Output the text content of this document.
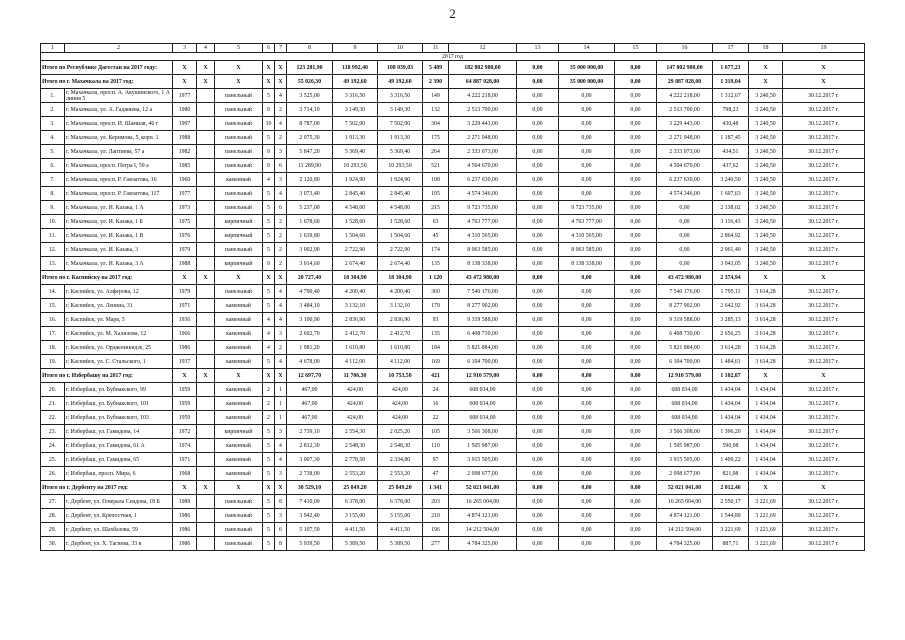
2
1	2	3	4	5	6	7	8	9	10	11	12	13	14	15	16	17	18	19
2017 год																		
Итого по Республике Дагестан на 2017 году:		X	X	X	X	X	123 281,90	118 992,40	108 039,03	5 489	182 802 980,00	0,00	35 000 000,00	0,00	147 802 980,00	1 677,21	X	X
Итого по г. Махачкала на 2017 год:		X	X	X	X	X	55 026,30	49 192,60	49 192,60	2 390	64 887 028,00	0,00	35 000 000,00	0,00	29 887 028,00	1 319,04	X	X
1.	г. Махачкала, просп. А. Акушинского, 1 А линия 5	1977		панельный	5	4	3 525,00	3 316,50	3 316,50	149	4 222 218,00	0,00	0,00	0,00	4 222 218,00	1 312,67	3 240,50	30.12.2017 г.
2.	г. Махачкала, ул. А. Гаджиева, 12 а	1980		панельный	9	2	3 714,10	3 149,30	3 149,30	132	2 513 700,00	0,00	0,00	0,00	2 513 700,00	798,23	3 240,50	30.12.2017 г.
3.	г. Махачкала, просп. И. Шамиля, 46 г	1997		панельный	10	4	8 787,00	7 502,00	7 502,00	304	3 229 443,00	0,00	0,00	0,00	3 229 443,00	430,48	3 240,50	30.12.2017 г.
4.	г. Махачкала, ул. Керимова, 5, корп. 1	1988		панельный	5	2	2 075,30	1 913,30	1 913,30	175	2 271 948,00	0,00	0,00	0,00	2 271 948,00	1 187,45	3 240,50	30.12.2017 г.
5.	г. Махачкала, ул. Лаптиева, 57 а	1982		панельный	9	3	5 847,20	5 369,40	5 369,40	264	2 333 073,00	0,00	0,00	0,00	2 333 073,00	434,51	3 240,50	30.12.2017 г.
6.	г. Махачкала, просп. Петра I, 59 а	1985		панельный	9	6	11 289,90	10 293,50	10 293,50	521	4 504 670,00	0,00	0,00	0,00	4 504 670,00	437,62	3 240,50	30.12.2017 г.
7.	г. Махачкала, просп. Р. Гамзатова, 16	1960		каменный	4	3	2 120,80	1 924,90	1 924,90	108	6 237 630,00	0,00	0,00	0,00	6 237 630,00	3 240,50	3 240,50	30.12.2017 г.
8.	г. Махачкала, просп. Р. Гамзатова, 117	1977		панельный	5	4	3 073,40	2 845,40	2 845,40	105	4 574 346,00	0,00	0,00	0,00	4 574 346,00	1 607,63	3 240,50	30.12.2017 г.
9.	г. Махачкала, ул. И. Казака, 1 А	1973		панельный	5	6	5 237,00	4 548,00	4 548,00	215	9 723 735,00	0,00	9 723 735,00	0,00	0,00	2 138,02	3 240,50	30.12.2017 г.
10.	г. Махачкала, ул. И. Казака, 1 Б	1975		кирпичный	5	2	1 678,60	1 528,60	1 528,60	63	4 763 777,00	0,00	4 763 777,00	0,00	0,00	3 116,43	3 240,50	30.12.2017 г.
11.	г. Махачкала, ул. И. Казака, 1 В	1976		кирпичный	5	2	1 639,80	1 504,60	1 504,60	45	4 310 565,00	0,00	4 310 565,00	0,00	0,00	2 864,92	3 240,50	30.12.2017 г.
12.	г. Махачкала, ул. И. Казака, 3	1979		панельный	5	2	3 002,90	2 722,90	2 722,90	174	8 063 585,00	0,00	8 063 585,00	0,00	0,00	2 961,40	3 240,50	30.12.2017 г.
13.	г. Махачкала, ул. И. Казака, 3 А	1988		кирпичный	9	2	3 014,60	2 674,40	2 674,40	135	8 138 338,00	0,00	8 138 338,00	0,00	0,00	3 043,05	3 240,50	30.12.2017 г.
Итого по г. Каспийску на 2017 год:		X	X	X	X	X	20 727,40	18 304,90	18 304,90	1 120	43 472 980,00	0,00	0,00	0,00	43 472 980,00	2 374,94	X	X
14.	г. Каспийск, ул. Алферова, 12	1979		панельный	5	4	4 790,40	4 200,40	4 200,40	360	7 540 176,00	0,00	0,00	0,00	7 540 176,00	1 795,11	3 614,28	30.12.2017 г.
15.	г. Каспийск, ул. Ленина, 31	1971		каменный	5	4	3 484,10	3 132,10	3 132,10	179	8 277 902,00	0,00	0,00	0,00	8 277 902,00	2 642,92	3 614,28	30.12.2017 г.
16.	г. Каспийск, ул. Маря, 5	1936		каменный	4	4	3 100,90	2 836,90	2 836,90	93	9 319 588,00	0,00	0,00	0,00	9 319 588,00	3 285,13	3 614,28	30.12.2017 г.
17.	г. Каспийск, ул. М. Халилова, 12	1966		каменный	4	3	2 692,70	2 412,70	2 412,70	135	6 408 730,00	0,00	0,00	0,00	6 408 730,00	2 656,25	3 614,28	30.12.2017 г.
18.	г. Каспийск, ул. Орджоникидзе, 25	1986		каменный	4	2	1 981,20	1 610,80	1 610,80	184	5 821 884,00	0,00	0,00	0,00	5 821 884,00	3 614,28	3 614,28	30.12.2017 г.
19.	г. Каспийск, ул. С. Стальского, 1	1937		каменный	5	4	4 678,00	4 112,00	4 112,00	169	6 104 700,00	0,00	0,00	0,00	6 104 700,00	1 484,61	3 614,28	30.12.2017 г.
Итого по г. Избербашу на 2017 год:		X	X	X	X	X	12 697,70	11 706,30	10 753,50	421	12 910 579,00	0,00	0,00	0,00	12 910 579,00	1 102,87	X	X
20.	г. Избербаш, ул. Бубнакского, 99	1959		каменный	2	1	467,00	424,00	424,00	24	608 034,00	0,00	0,00	0,00	608 034,00	1 434,04	1 434,04	30.12.2017 г.
21.	г. Избербаш, ул. Бубнакского, 101	1959		каменный	2	1	467,00	424,00	424,00	16	608 034,00	0,00	0,00	0,00	608 034,00	1 434,04	1 434,04	30.12.2017 г.
22.	г. Избербаш, ул. Бубнакского, 103	1959		каменный	2	1	467,00	424,00	424,00	22	608 034,00	0,00	0,00	0,00	608 034,00	1 434,04	1 434,04	30.12.2017 г.
23.	г. Избербаш, ул. Гамидова, 14	1972		кирпичный	5	3	2 739,10	2 554,30	2 025,20	105	3 566 308,00	0,00	0,00	0,00	3 566 308,00	1 396,20	1 434,04	30.12.2017 г.
24.	г. Избербаш, ул. Гамидова, 61 А	1974		каменный	5	4	2 812,30	2 548,30	2 548,30	110	1 505 987,00	0,00	0,00	0,00	1 505 987,00	590,98	1 434,04	30.12.2017 г.
25.	г. Избербаш, ул. Гамидова, 65	1971		каменный	5	4	3 007,30	2 778,50	2 334,80	97	3 915 505,00	0,00	0,00	0,00	3 915 505,00	1 409,22	1 434,04	30.12.2017 г.
26.	г. Избербаш, просп. Мира, 6	1968		каменный	5	3	2 738,00	2 553,20	2 553,20	47	2 098 677,00	0,00	0,00	0,00	2 098 677,00	821,98	1 434,04	30.12.2017 г.
Итого по г. Дербенту на 2017 год:		X	X	X	X	X	30 529,10	25 849,20	25 849,20	1 341	52 021 041,00	0,00	0,00	0,00	52 021 041,00	2 012,46	X	X
27.	г. Дербент, ул. Генерала Сеидова, 18 Б	1989		панельный	5	8	7 410,00	6 378,00	6 378,00	203	16 265 004,00	0,00	0,00	0,00	16 265 004,00	2 550,17	3 221,69	30.12.2017 г.
28.	г. Дербент, ул. Крепостная, 1	1986		панельный	5	3	3 942,40	3 155,00	3 155,00	210	4 874 121,00	0,00	0,00	0,00	4 874 121,00	1 544,89	3 221,69	30.12.2017 г.
29.	г. Дербент, ул. Шахбазова, 59	1986		панельный	5	6	5 107,50	4 411,50	4 411,50	196	14 212 504,00	0,00	0,00	0,00	14 212 504,00	3 221,69	3 221,69	30.12.2017 г.
30.	г. Дербент, ул. Х. Тагиева, 33 в	1986		панельный	5	8	5 939,50	5 389,50	5 389,50	277	4 784 325,00	0,00	0,00	0,00	4 784 325,00	887,71	3 221,69	30.12.2017 г.
